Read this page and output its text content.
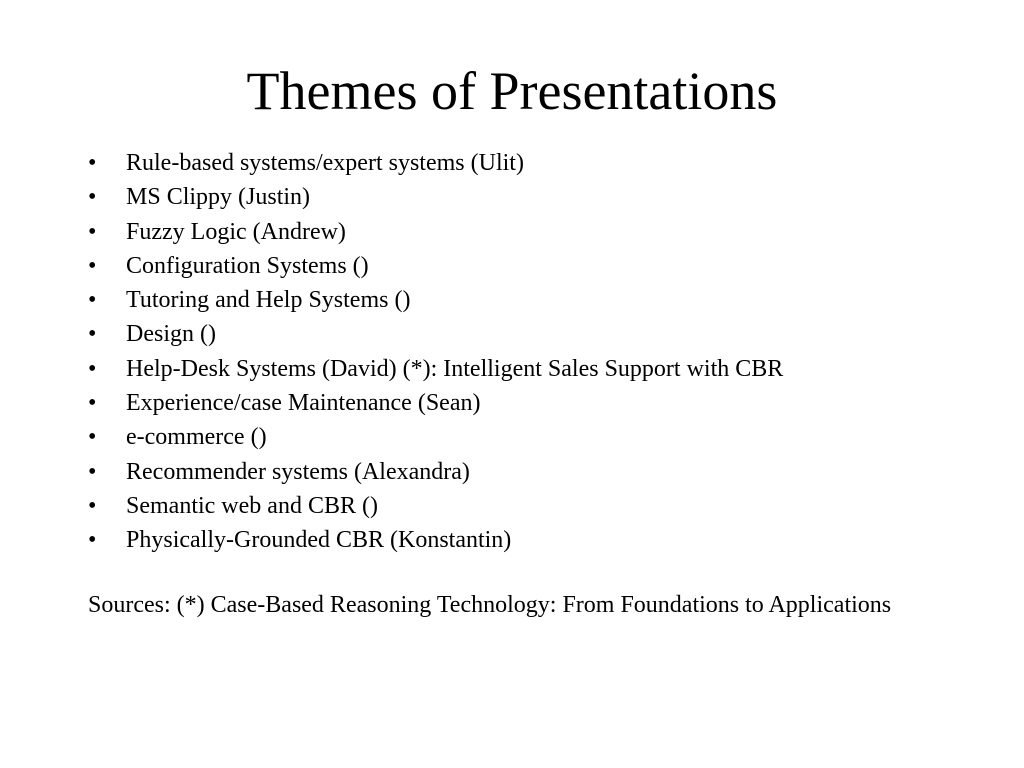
Themes of Presentations
• Rule-based systems/expert systems (Ulit)
• MS Clippy (Justin)
• Fuzzy Logic (Andrew)
• Configuration Systems ()
• Tutoring and Help Systems ()
• Design ()
• Help-Desk Systems (David) (*): Intelligent Sales Support with CBR
• Experience/case Maintenance (Sean)
• e-commerce ()
• Recommender systems (Alexandra)
• Semantic web and CBR ()
• Physically-Grounded CBR (Konstantin)

Sources: (*) Case-Based Reasoning Technology: From Foundations to Applications
